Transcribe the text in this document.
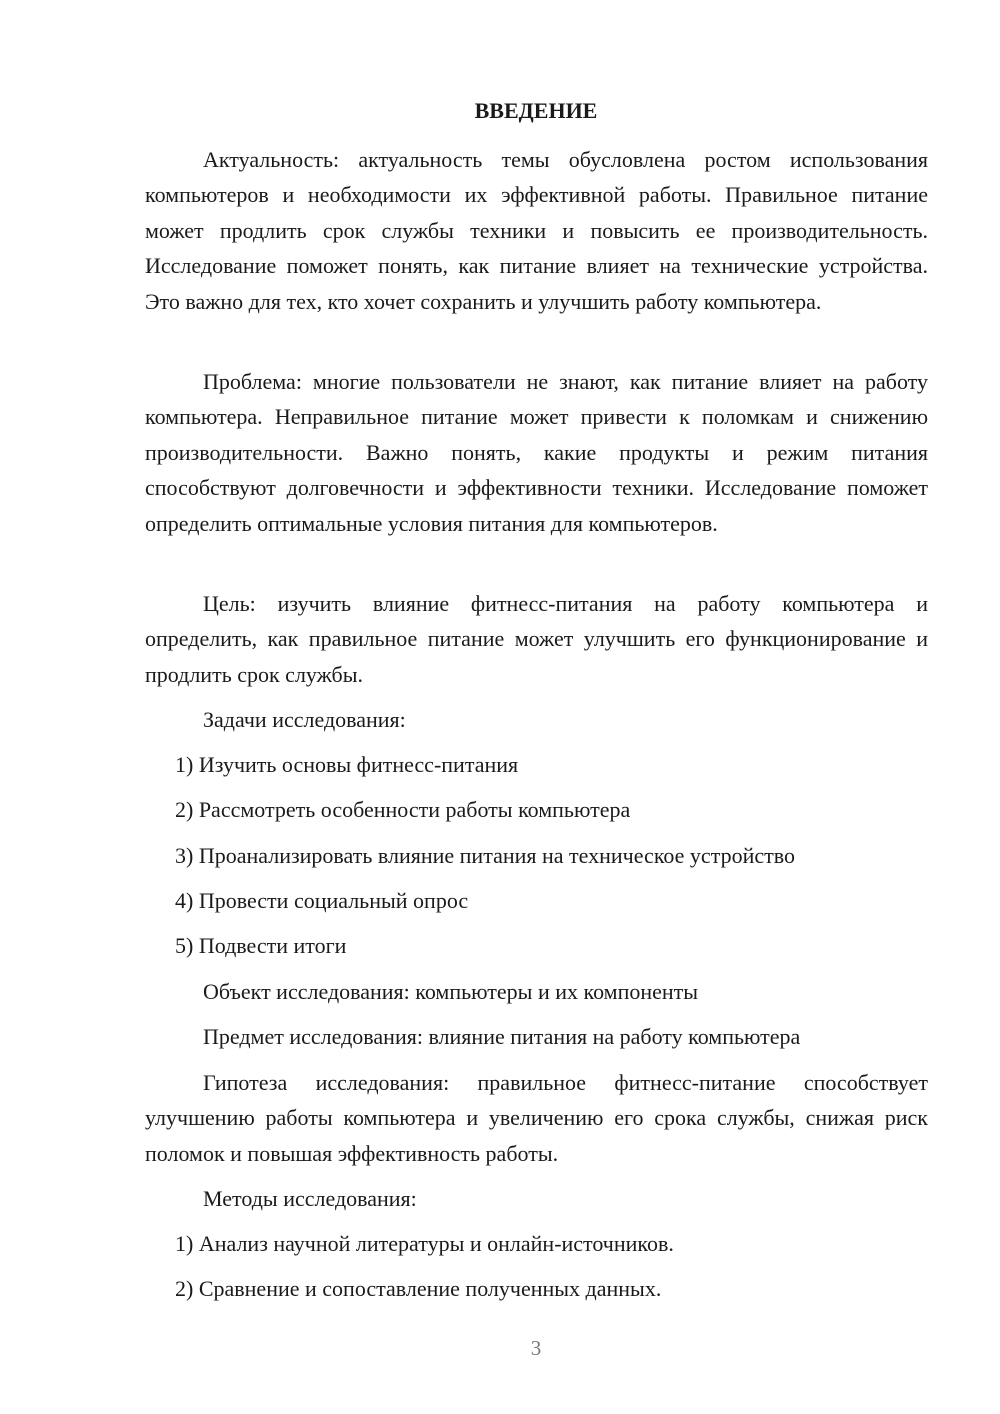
ВВЕДЕНИЕ
Актуальность: актуальность темы обусловлена ростом использования компьютеров и необходимости их эффективной работы. Правильное питание может продлить срок службы техники и повысить ее производительность. Исследование поможет понять, как питание влияет на технические устройства. Это важно для тех, кто хочет сохранить и улучшить работу компьютера.
Проблема: многие пользователи не знают, как питание влияет на работу компьютера. Неправильное питание может привести к поломкам и снижению производительности. Важно понять, какие продукты и режим питания способствуют долговечности и эффективности техники. Исследование поможет определить оптимальные условия питания для компьютеров.
Цель: изучить влияние фитнесс-питания на работу компьютера и определить, как правильное питание может улучшить его функционирование и продлить срок службы.
Задачи исследования:
1) Изучить основы фитнесс-питания
2) Рассмотреть особенности работы компьютера
3) Проанализировать влияние питания на техническое устройство
4) Провести социальный опрос
5) Подвести итоги
Объект исследования: компьютеры и их компоненты
Предмет исследования: влияние питания на работу компьютера
Гипотеза исследования: правильное фитнесс-питание способствует улучшению работы компьютера и увеличению его срока службы, снижая риск поломок и повышая эффективность работы.
Методы исследования:
1) Анализ научной литературы и онлайн-источников.
2) Сравнение и сопоставление полученных данных.
3
